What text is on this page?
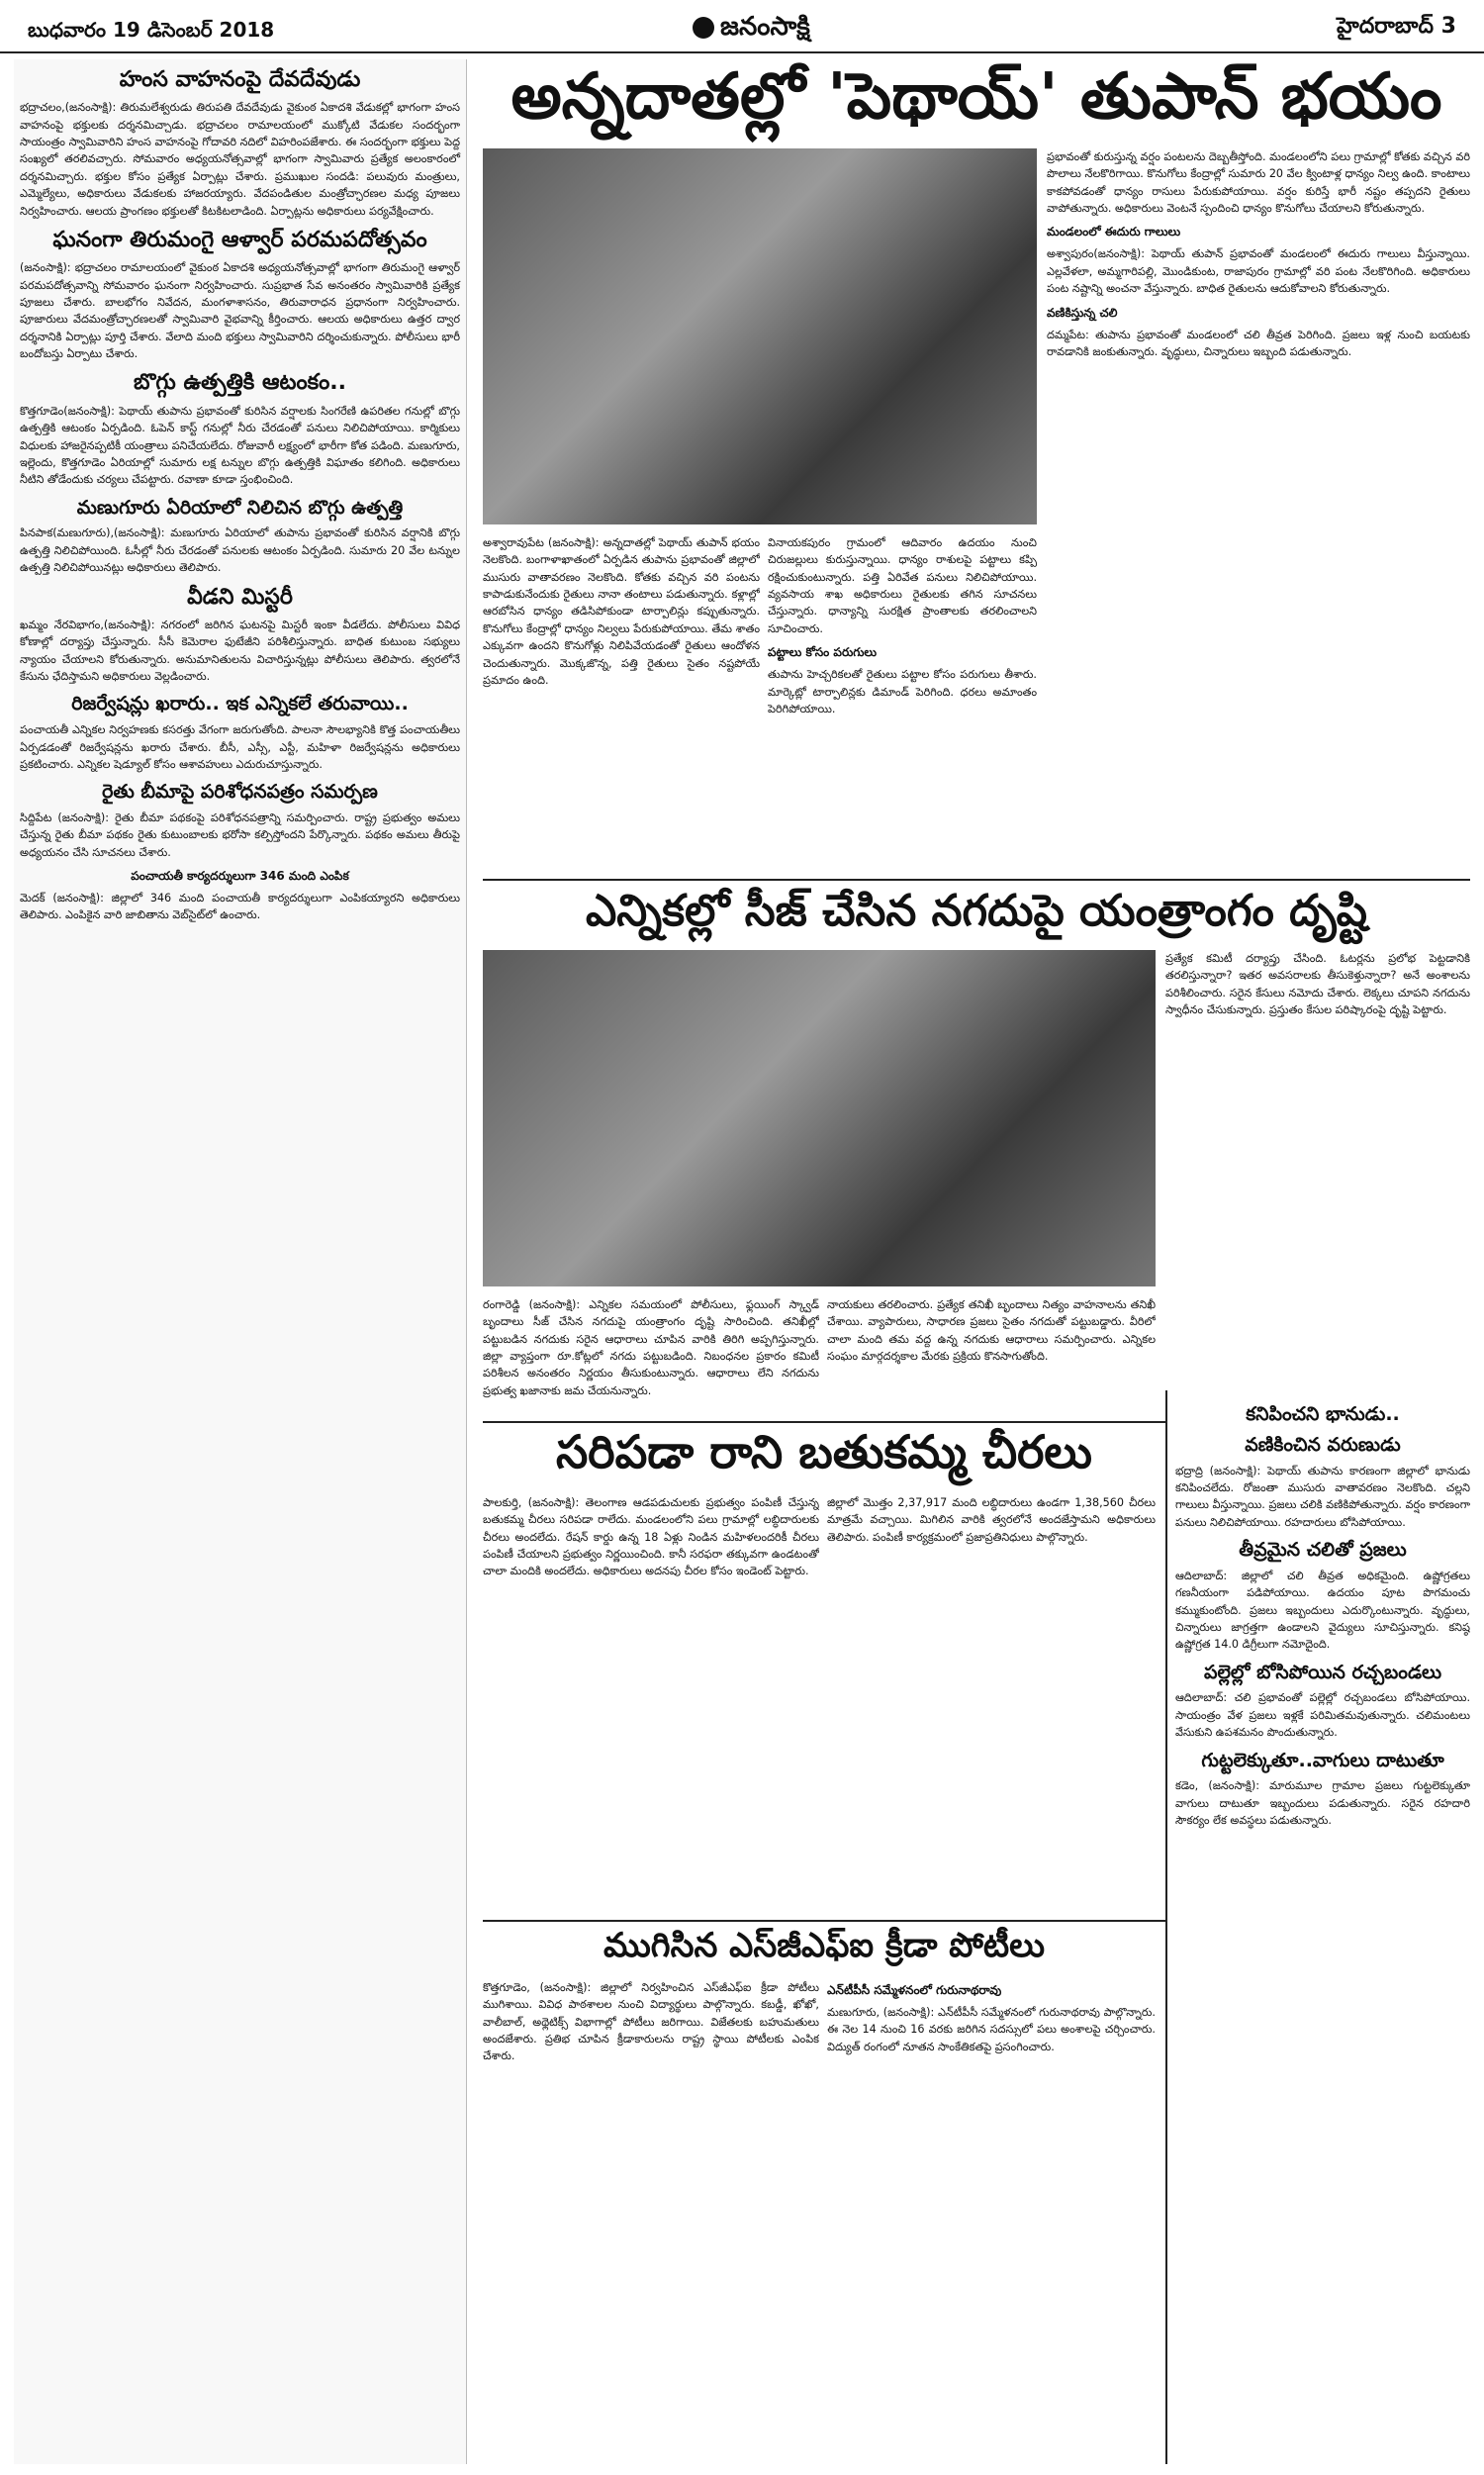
బుధవారం 19 డిసెంబర్ 2018	జనంసాక్షి	హైదరాబాద్ 3
హంస వాహనంపై దేవదేవుడు

భద్రాచలం,(జనంసాక్షి): తిరుమలేశ్వరుడు తిరుపతి దేవదేవుడు వైకుంఠ ఏకాదశి వేడుకల్లో భాగంగా హంస వాహనంపై భక్తులకు దర్శనమిచ్చాడు. భద్రాచలం రామాలయంలో ముక్కోటి వేడుకల సందర్భంగా సాయంత్రం స్వామివారిని హంస వాహనంపై గోదావరి నదిలో విహరింపజేశారు. ఈ సందర్భంగా భక్తులు పెద్ద సంఖ్యలో తరలివచ్చారు. సోమవారం అధ్యయనోత్సవాల్లో భాగంగా స్వామివారు ప్రత్యేక అలంకారంలో దర్శనమిచ్చారు. భక్తుల కోసం ప్రత్యేక ఏర్పాట్లు చేశారు. ప్రముఖుల సందడి: పలువురు మంత్రులు, ఎమ్మెల్యేలు, అధికారులు వేడుకలకు హాజరయ్యారు. వేదపండితుల మంత్రోచ్ఛారణల మధ్య పూజలు నిర్వహించారు. ఆలయ ప్రాంగణం భక్తులతో కిటకిటలాడింది. ఏర్పాట్లను అధికారులు పర్యవేక్షించారు.

ఘనంగా తిరుమంగై ఆళ్వార్ పరమపదోత్సవం

(జనంసాక్షి): భద్రాచలం రామాలయంలో వైకుంఠ ఏకాదశి అధ్యయనోత్సవాల్లో భాగంగా తిరుమంగై ఆళ్వార్ పరమపదోత్సవాన్ని సోమవారం ఘనంగా నిర్వహించారు. సుప్రభాత సేవ అనంతరం స్వామివారికి ప్రత్యేక పూజలు చేశారు. బాలభోగం నివేదన, మంగళాశాసనం, తిరువారాధన ప్రధానంగా నిర్వహించారు. పూజారులు వేదమంత్రోచ్ఛారణలతో స్వామివారి వైభవాన్ని కీర్తించారు. ఆలయ అధికారులు ఉత్తర ద్వార దర్శనానికి ఏర్పాట్లు పూర్తి చేశారు. వేలాది మంది భక్తులు స్వామివారిని దర్శించుకున్నారు. పోలీసులు భారీ బందోబస్తు ఏర్పాటు చేశారు.

బొగ్గు ఉత్పత్తికి ఆటంకం..

కొత్తగూడెం(జనంసాక్షి): పెథాయ్ తుపాను ప్రభావంతో కురిసిన వర్షాలకు సింగరేణి ఉపరితల గనుల్లో బొగ్గు ఉత్పత్తికి ఆటంకం ఏర్పడింది. ఓపెన్ కాస్ట్ గనుల్లో నీరు చేరడంతో పనులు నిలిచిపోయాయి. కార్మికులు విధులకు హాజరైనప్పటికీ యంత్రాలు పనిచేయలేదు. రోజువారీ లక్ష్యంలో భారీగా కోత పడింది. మణుగూరు, ఇల్లెందు, కొత్తగూడెం ఏరియాల్లో సుమారు లక్ష టన్నుల బొగ్గు ఉత్పత్తికి విఘాతం కలిగింది. అధికారులు నీటిని తోడేందుకు చర్యలు చేపట్టారు. రవాణా కూడా స్తంభించింది.

మణుగూరు ఏరియాలో నిలిచిన బొగ్గు ఉత్పత్తి

పినపాక(మణుగూరు),(జనంసాక్షి): మణుగూరు ఏరియాలో తుపాను ప్రభావంతో కురిసిన వర్షానికి బొగ్గు ఉత్పత్తి నిలిచిపోయింది. ఓసీల్లో నీరు చేరడంతో పనులకు ఆటంకం ఏర్పడింది. సుమారు 20 వేల టన్నుల ఉత్పత్తి నిలిచిపోయినట్లు అధికారులు తెలిపారు.

వీడని మిస్టరీ

ఖమ్మం నేరవిభాగం,(జనంసాక్షి): నగరంలో జరిగిన ఘటనపై మిస్టరీ ఇంకా వీడలేదు. పోలీసులు వివిధ కోణాల్లో దర్యాప్తు చేస్తున్నారు. సీసీ కెమెరాల ఫుటేజీని పరిశీలిస్తున్నారు. బాధిత కుటుంబ సభ్యులు న్యాయం చేయాలని కోరుతున్నారు. అనుమానితులను విచారిస్తున్నట్లు పోలీసులు తెలిపారు. త్వరలోనే కేసును ఛేదిస్తామని అధికారులు వెల్లడించారు.

రిజర్వేషన్లు ఖరారు.. ఇక ఎన్నికలే తరువాయి..

పంచాయతీ ఎన్నికల నిర్వహణకు కసరత్తు వేగంగా జరుగుతోంది. పాలనా సౌలభ్యానికి కొత్త పంచాయతీలు ఏర్పడడంతో రిజర్వేషన్లను ఖరారు చేశారు. బీసీ, ఎస్సీ, ఎస్టీ, మహిళా రిజర్వేషన్లను అధికారులు ప్రకటించారు. ఎన్నికల షెడ్యూల్ కోసం ఆశావహులు ఎదురుచూస్తున్నారు.

రైతు బీమాపై పరిశోధనపత్రం సమర్పణ

సిద్దిపేట (జనంసాక్షి): రైతు బీమా పథకంపై పరిశోధనపత్రాన్ని సమర్పించారు. రాష్ట్ర ప్రభుత్వం అమలు చేస్తున్న రైతు బీమా పథకం రైతు కుటుంబాలకు భరోసా కల్పిస్తోందని పేర్కొన్నారు. పథకం అమలు తీరుపై అధ్యయనం చేసి సూచనలు చేశారు.

పంచాయతీ కార్యదర్శులుగా 346 మంది ఎంపిక

మెదక్ (జనంసాక్షి): జిల్లాలో 346 మంది పంచాయతీ కార్యదర్శులుగా ఎంపికయ్యారని అధికారులు తెలిపారు. ఎంపికైన వారి జాబితాను వెబ్‌సైట్‌లో ఉంచారు.

అన్నదాతల్లో 'పెథాయ్' తుపాన్ భయం

అశ్వారావుపేట (జనంసాక్షి): అన్నదాతల్లో పెథాయ్ తుపాన్ భయం నెలకొంది. బంగాళాఖాతంలో ఏర్పడిన తుపాను ప్రభావంతో జిల్లాలో ముసురు వాతావరణం నెలకొంది. కోతకు వచ్చిన వరి పంటను కాపాడుకునేందుకు రైతులు నానా తంటాలు పడుతున్నారు. కళ్లాల్లో ఆరబోసిన ధాన్యం తడిసిపోకుండా టార్పాలిన్లు కప్పుతున్నారు. కొనుగోలు కేంద్రాల్లో ధాన్యం నిల్వలు పేరుకుపోయాయి. తేమ శాతం ఎక్కువగా ఉందని కొనుగోళ్లు నిలిపివేయడంతో రైతులు ఆందోళన చెందుతున్నారు. మొక్కజొన్న, పత్తి రైతులు సైతం నష్టపోయే ప్రమాదం ఉంది.

వినాయకపురం గ్రామంలో ఆదివారం ఉదయం నుంచి చిరుజల్లులు కురుస్తున్నాయి. ధాన్యం రాశులపై పట్టాలు కప్పి రక్షించుకుంటున్నారు. పత్తి ఏరివేత పనులు నిలిచిపోయాయి. వ్యవసాయ శాఖ అధికారులు రైతులకు తగిన సూచనలు చేస్తున్నారు. ధాన్యాన్ని సురక్షిత ప్రాంతాలకు తరలించాలని సూచించారు.

పట్టాలు కోసం పరుగులు

తుపాను హెచ్చరికలతో రైతులు పట్టాల కోసం పరుగులు తీశారు. మార్కెట్లో టార్పాలిన్లకు డిమాండ్ పెరిగింది. ధరలు అమాంతం పెరిగిపోయాయి.

ప్రభావంతో కురుస్తున్న వర్షం పంటలను దెబ్బతీస్తోంది. మండలంలోని పలు గ్రామాల్లో కోతకు వచ్చిన వరి పొలాలు నేలకొరిగాయి. కొనుగోలు కేంద్రాల్లో సుమారు 20 వేల క్వింటాళ్ల ధాన్యం నిల్వ ఉంది. కాంటాలు కాకపోవడంతో ధాన్యం రాసులు పేరుకుపోయాయి. వర్షం కురిస్తే భారీ నష్టం తప్పదని రైతులు వాపోతున్నారు. అధికారులు వెంటనే స్పందించి ధాన్యం కొనుగోలు చేయాలని కోరుతున్నారు.

మండలంలో ఈదురు గాలులు

అశ్వాపురం(జనంసాక్షి): పెథాయ్ తుపాన్ ప్రభావంతో మండలంలో ఈదురు గాలులు వీస్తున్నాయి. ఎల్లవేళలా, అమ్మగారిపల్లి, మొండికుంట, రాజాపురం గ్రామాల్లో వరి పంట నేలకొరిగింది. అధికారులు పంట నష్టాన్ని అంచనా వేస్తున్నారు. బాధిత రైతులను ఆదుకోవాలని కోరుతున్నారు.

వణికిస్తున్న చలి

దమ్మపేట: తుపాను ప్రభావంతో మండలంలో చలి తీవ్రత పెరిగింది. ప్రజలు ఇళ్ల నుంచి బయటకు రావడానికి జంకుతున్నారు. వృద్ధులు, చిన్నారులు ఇబ్బంది పడుతున్నారు.

ఎన్నికల్లో సీజ్ చేసిన నగదుపై యంత్రాంగం దృష్టి

ప్రత్యేక కమిటీ దర్యాప్తు చేసింది. ఓటర్లను ప్రలోభ పెట్టడానికి తరలిస్తున్నారా? ఇతర అవసరాలకు తీసుకెళ్తున్నారా? అనే అంశాలను పరిశీలించారు. సరైన కేసులు నమోదు చేశారు. లెక్కలు చూపని నగదును స్వాధీనం చేసుకున్నారు. ప్రస్తుతం కేసుల పరిష్కారంపై దృష్టి పెట్టారు.

రంగారెడ్డి (జనంసాక్షి): ఎన్నికల సమయంలో పోలీసులు, ఫ్లయింగ్ స్క్వాడ్ బృందాలు సీజ్ చేసిన నగదుపై యంత్రాంగం దృష్టి సారించింది. తనిఖీల్లో పట్టుబడిన నగదుకు సరైన ఆధారాలు చూపిన వారికి తిరిగి అప్పగిస్తున్నారు. జిల్లా వ్యాప్తంగా రూ.కోట్లలో నగదు పట్టుబడింది. నిబంధనల ప్రకారం కమిటీ పరిశీలన అనంతరం నిర్ణయం తీసుకుంటున్నారు. ఆధారాలు లేని నగదును ప్రభుత్వ ఖజానాకు జమ చేయనున్నారు.

నాయకులు తరలించారు. ప్రత్యేక తనిఖీ బృందాలు నిత్యం వాహనాలను తనిఖీ చేశాయి. వ్యాపారులు, సాధారణ ప్రజలు సైతం నగదుతో పట్టుబడ్డారు. వీరిలో చాలా మంది తమ వద్ద ఉన్న నగదుకు ఆధారాలు సమర్పించారు. ఎన్నికల సంఘం మార్గదర్శకాల మేరకు ప్రక్రియ కొనసాగుతోంది.

సరిపడా రాని బతుకమ్మ చీరలు

పాలకుర్తి, (జనంసాక్షి): తెలంగాణ ఆడపడుచులకు ప్రభుత్వం పంపిణీ చేస్తున్న బతుకమ్మ చీరలు సరిపడా రాలేదు. మండలంలోని పలు గ్రామాల్లో లబ్ధిదారులకు చీరలు అందలేదు. రేషన్ కార్డు ఉన్న 18 ఏళ్లు నిండిన మహిళలందరికీ చీరలు పంపిణీ చేయాలని ప్రభుత్వం నిర్ణయించింది. కానీ సరఫరా తక్కువగా ఉండటంతో చాలా మందికి అందలేదు. అధికారులు అదనపు చీరల కోసం ఇండెంట్ పెట్టారు.

జిల్లాలో మొత్తం 2,37,917 మంది లబ్ధిదారులు ఉండగా 1,38,560 చీరలు మాత్రమే వచ్చాయి. మిగిలిన వారికి త్వరలోనే అందజేస్తామని అధికారులు తెలిపారు. పంపిణీ కార్యక్రమంలో ప్రజాప్రతినిధులు పాల్గొన్నారు.

ముగిసిన ఎస్‌జీఎఫ్ఐ క్రీడా పోటీలు

కొత్తగూడెం, (జనంసాక్షి): జిల్లాలో నిర్వహించిన ఎస్‌జీఎఫ్ఐ క్రీడా పోటీలు ముగిశాయి. వివిధ పాఠశాలల నుంచి విద్యార్థులు పాల్గొన్నారు. కబడ్డీ, ఖోఖో, వాలీబాల్, అథ్లెటిక్స్ విభాగాల్లో పోటీలు జరిగాయి. విజేతలకు బహుమతులు అందజేశారు. ప్రతిభ చూపిన క్రీడాకారులను రాష్ట్ర స్థాయి పోటీలకు ఎంపిక చేశారు.

ఎన్‌టీపీసీ సమ్మేళనంలో గురునాథరావు

మణుగూరు, (జనంసాక్షి): ఎన్‌టీపీసీ సమ్మేళనంలో గురునాథరావు పాల్గొన్నారు. ఈ నెల 14 నుంచి 16 వరకు జరిగిన సదస్సులో పలు అంశాలపై చర్చించారు. విద్యుత్ రంగంలో నూతన సాంకేతికతపై ప్రసంగించారు.

కనిపించని భానుడు..
వణికించిన వరుణుడు

భద్రాద్రి (జనంసాక్షి): పెథాయ్ తుపాను కారణంగా జిల్లాలో భానుడు కనిపించలేదు. రోజంతా ముసురు వాతావరణం నెలకొంది. చల్లని గాలులు వీస్తున్నాయి. ప్రజలు చలికి వణికిపోతున్నారు. వర్షం కారణంగా పనులు నిలిచిపోయాయి. రహదారులు బోసిపోయాయి.

తీవ్రమైన చలితో ప్రజలు

ఆదిలాబాద్: జిల్లాలో చలి తీవ్రత అధికమైంది. ఉష్ణోగ్రతలు గణనీయంగా పడిపోయాయి. ఉదయం పూట పొగమంచు కమ్ముకుంటోంది. ప్రజలు ఇబ్బందులు ఎదుర్కొంటున్నారు. వృద్ధులు, చిన్నారులు జాగ్రత్తగా ఉండాలని వైద్యులు సూచిస్తున్నారు. కనిష్ఠ ఉష్ణోగ్రత 14.0 డిగ్రీలుగా నమోదైంది.

పల్లెల్లో బోసిపోయిన రచ్చబండలు

ఆదిలాబాద్: చలి ప్రభావంతో పల్లెల్లో రచ్చబండలు బోసిపోయాయి. సాయంత్రం వేళ ప్రజలు ఇళ్లకే పరిమితమవుతున్నారు. చలిమంటలు వేసుకుని ఉపశమనం పొందుతున్నారు.

గుట్టలెక్కుతూ..వాగులు దాటుతూ

కడెం, (జనంసాక్షి): మారుమూల గ్రామాల ప్రజలు గుట్టలెక్కుతూ వాగులు దాటుతూ ఇబ్బందులు పడుతున్నారు. సరైన రహదారి సౌకర్యం లేక అవస్థలు పడుతున్నారు.
